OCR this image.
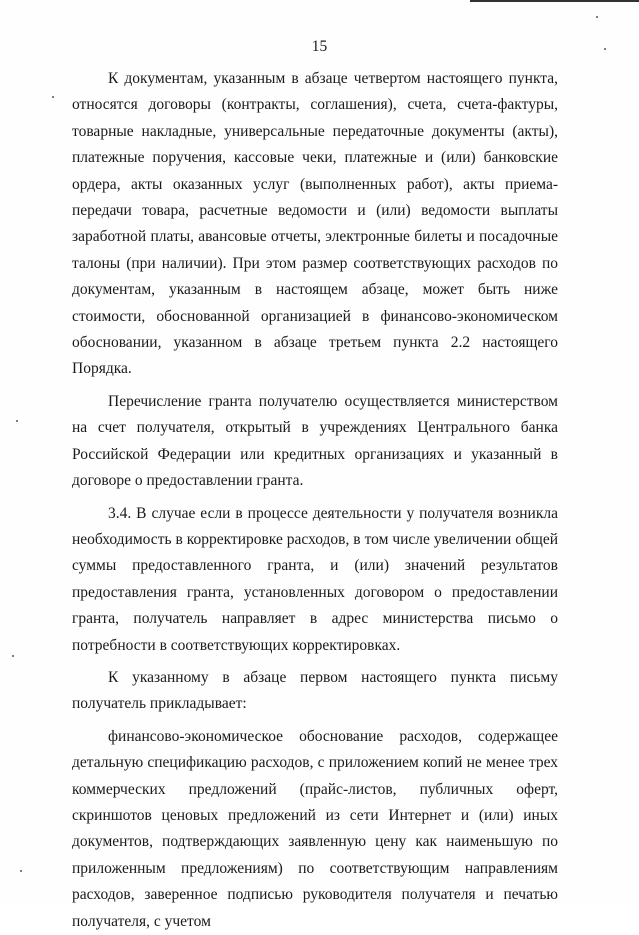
15

К документам, указанным в абзаце четвертом настоящего пункта, относятся договоры (контракты, соглашения), счета, счета-фактуры, товарные накладные, универсальные передаточные документы (акты), платежные поручения, кассовые чеки, платежные и (или) банковские ордера, акты оказанных услуг (выполненных работ), акты приема-передачи товара, расчетные ведомости и (или) ведомости выплаты заработной платы, авансовые отчеты, электронные билеты и посадочные талоны (при наличии). При этом размер соответствующих расходов по документам, указанным в настоящем абзаце, может быть ниже стоимости, обоснованной организацией в финансово-экономическом обосновании, указанном в абзаце третьем пункта 2.2 настоящего Порядка.

Перечисление гранта получателю осуществляется министерством на счет получателя, открытый в учреждениях Центрального банка Российской Федерации или кредитных организациях и указанный в договоре о предоставлении гранта.

3.4. В случае если в процессе деятельности у получателя возникла необходимость в корректировке расходов, в том числе увеличении общей суммы предоставленного гранта, и (или) значений результатов предоставления гранта, установленных договором о предоставлении гранта, получатель направляет в адрес министерства письмо о потребности в соответствующих корректировках.

К указанному в абзаце первом настоящего пункта письму получатель прикладывает:

финансово-экономическое обоснование расходов, содержащее детальную спецификацию расходов, с приложением копий не менее трех коммерческих предложений (прайс-листов, публичных оферт, скриншотов ценовых предложений из сети Интернет и (или) иных документов, подтверждающих заявленную цену как наименьшую по приложенным предложениям) по соответствующим направлениям расходов, заверенное подписью руководителя получателя и печатью получателя, с учетом
